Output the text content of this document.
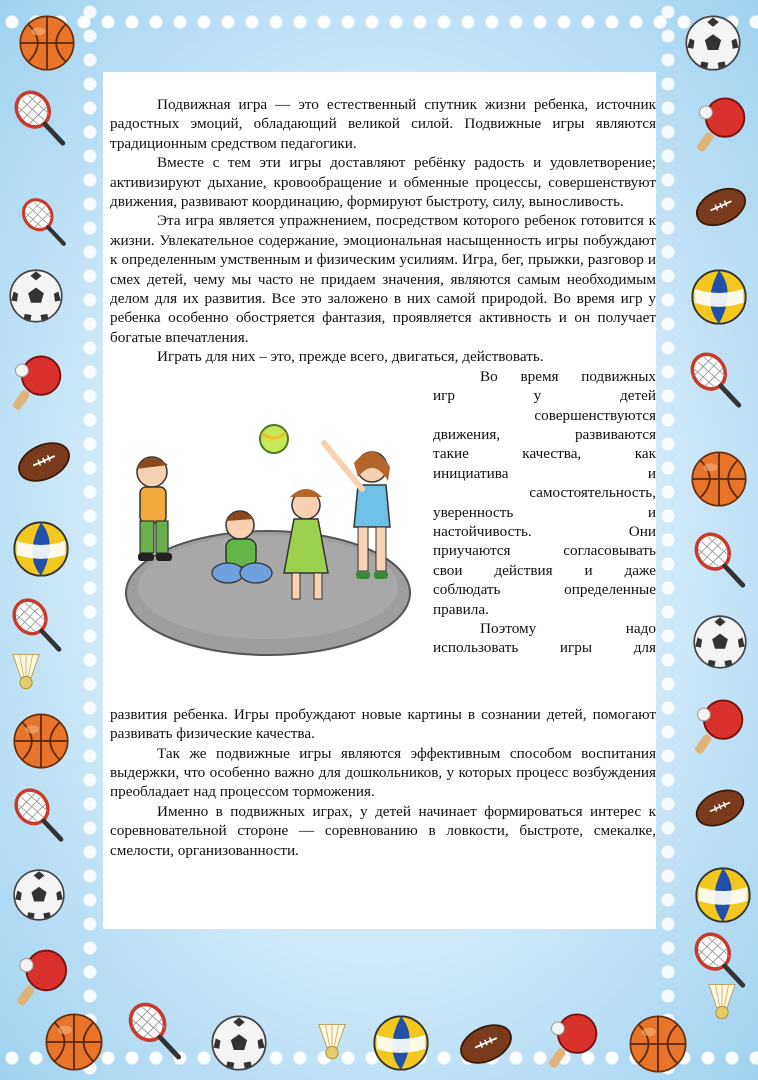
Подвижная игра — это естественный спутник жизни ребенка, источник радостных эмоций, обладающий великой силой. Подвижные игры являются традиционным средством педагогики.

Вместе с тем эти игры доставляют ребёнку радость и удовлетворение; активизируют дыхание, кровообращение и обменные процессы, совершенствуют движения, развивают координацию, формируют быстроту, силу, выносливость.

Эта игра является упражнением, посредством которого ребенок готовится к жизни. Увлекательное содержание, эмоциональная насыщенность игры побуждают к определенным умственным и физическим усилиям. Игра, бег, прыжки, разговор и смех детей, чему мы часто не придаем значения, являются самым необходимым делом для их развития. Все это заложено в них самой природой. Во время игр у ребенка особенно обостряется фантазия, проявляется активность и он получает богатые впечатления.

Играть для них – это, прежде всего, двигаться, действовать.

Во время подвижных
игр у детей
совершенствуются
движения, развиваются
такие качества, как
инициатива и
самостоятельность,
уверенность и
настойчивость. Они
приучаются согласовывать
свои действия и даже
соблюдать определенные
правила.
Поэтому надо
использовать игры для

развития ребенка. Игры пробуждают новые картины в сознании детей, помогают развивать физические качества.

Так же подвижные игры являются эффективным способом воспитания выдержки, что особенно важно для дошкольников, у которых процесс возбуждения преобладает над процессом торможения.

Именно в подвижных играх, у детей начинает формироваться интерес к соревновательной стороне — соревнованию в ловкости, быстроте, смекалке, смелости, организованности.
